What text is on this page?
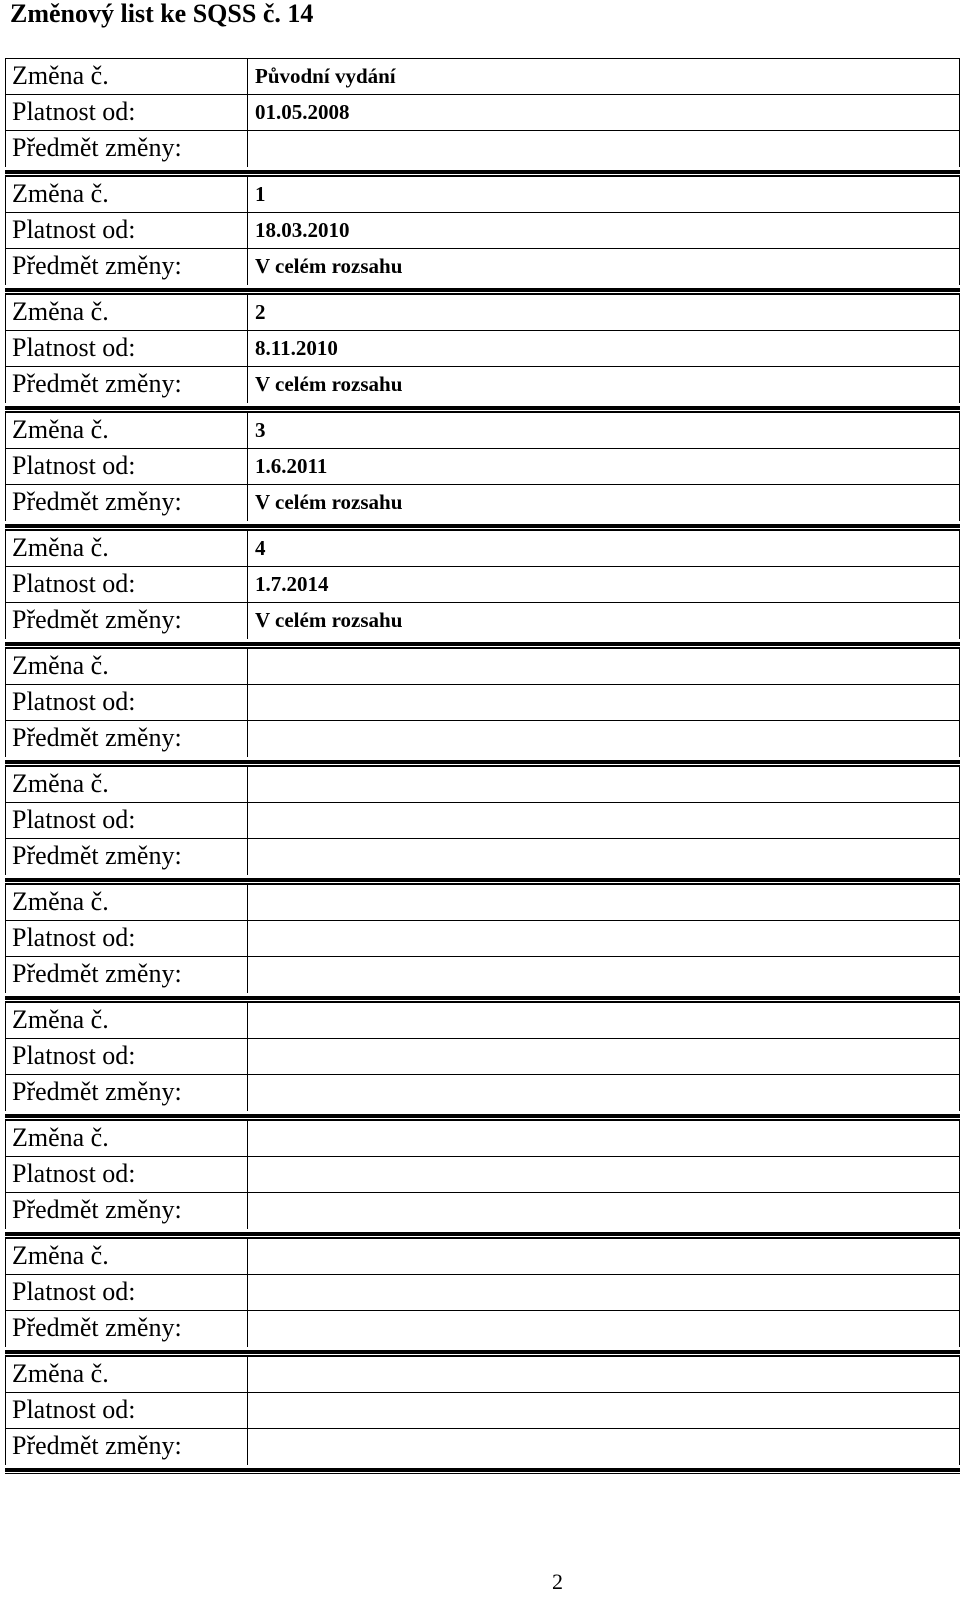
Změnový list ke SQSS č. 14
Změna č.	Původní vydání
Platnost od:	01.05.2008
Předmět změny:
Změna č.	1
Platnost od:	18.03.2010
Předmět změny:	V celém rozsahu
Změna č.	2
Platnost od:	8.11.2010
Předmět změny:	V celém rozsahu
Změna č.	3
Platnost od:	1.6.2011
Předmět změny:	V celém rozsahu
Změna č.	4
Platnost od:	1.7.2014
Předmět změny:	V celém rozsahu
Změna č.
Platnost od:
Předmět změny:
Změna č.
Platnost od:
Předmět změny:
Změna č.
Platnost od:
Předmět změny:
Změna č.
Platnost od:
Předmět změny:
Změna č.
Platnost od:
Předmět změny:
Změna č.
Platnost od:
Předmět změny:
Změna č.
Platnost od:
Předmět změny:
2
